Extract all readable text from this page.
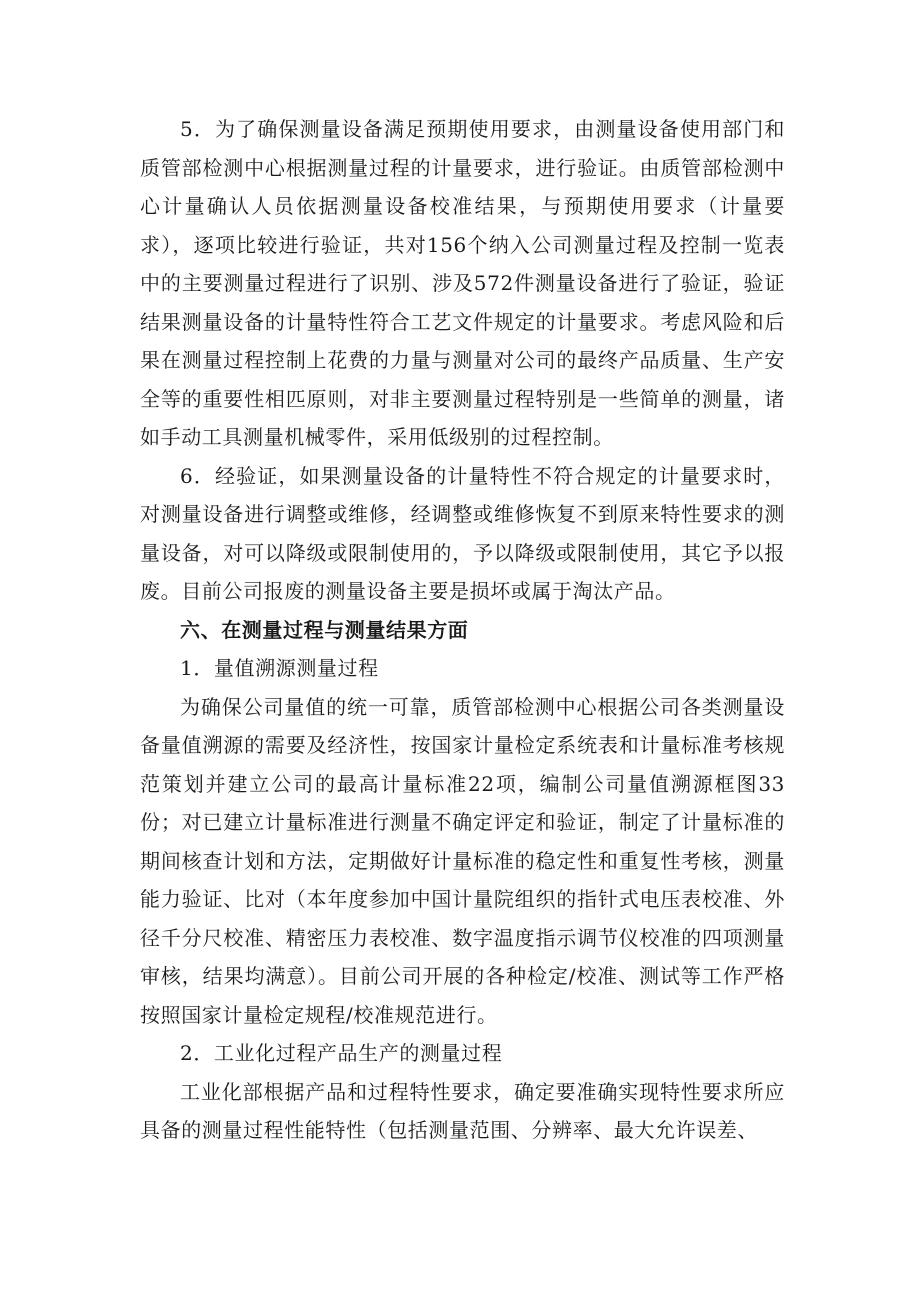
5．为了确保测量设备满足预期使用要求，由测量设备使用部门和质管部检测中心根据测量过程的计量要求，进行验证。由质管部检测中心计量确认人员依据测量设备校准结果，与预期使用要求（计量要求），逐项比较进行验证，共对156个纳入公司测量过程及控制一览表中的主要测量过程进行了识别、涉及572件测量设备进行了验证，验证结果测量设备的计量特性符合工艺文件规定的计量要求。考虑风险和后果在测量过程控制上花费的力量与测量对公司的最终产品质量、生产安全等的重要性相匹原则，对非主要测量过程特别是一些简单的测量，诸如手动工具测量机械零件，采用低级别的过程控制。

6．经验证，如果测量设备的计量特性不符合规定的计量要求时，对测量设备进行调整或维修，经调整或维修恢复不到原来特性要求的测量设备，对可以降级或限制使用的，予以降级或限制使用，其它予以报废。目前公司报废的测量设备主要是损坏或属于淘汰产品。

六、在测量过程与测量结果方面

1．量值溯源测量过程

为确保公司量值的统一可靠，质管部检测中心根据公司各类测量设备量值溯源的需要及经济性，按国家计量检定系统表和计量标准考核规范策划并建立公司的最高计量标准22项，编制公司量值溯源框图33份；对已建立计量标准进行测量不确定评定和验证，制定了计量标准的期间核查计划和方法，定期做好计量标准的稳定性和重复性考核，测量能力验证、比对（本年度参加中国计量院组织的指针式电压表校准、外径千分尺校准、精密压力表校准、数字温度指示调节仪校准的四项测量审核，结果均满意）。目前公司开展的各种检定/校准、测试等工作严格按照国家计量检定规程/校准规范进行。

2．工业化过程产品生产的测量过程

工业化部根据产品和过程特性要求，确定要准确实现特性要求所应具备的测量过程性能特性（包括测量范围、分辨率、最大允许误差、
